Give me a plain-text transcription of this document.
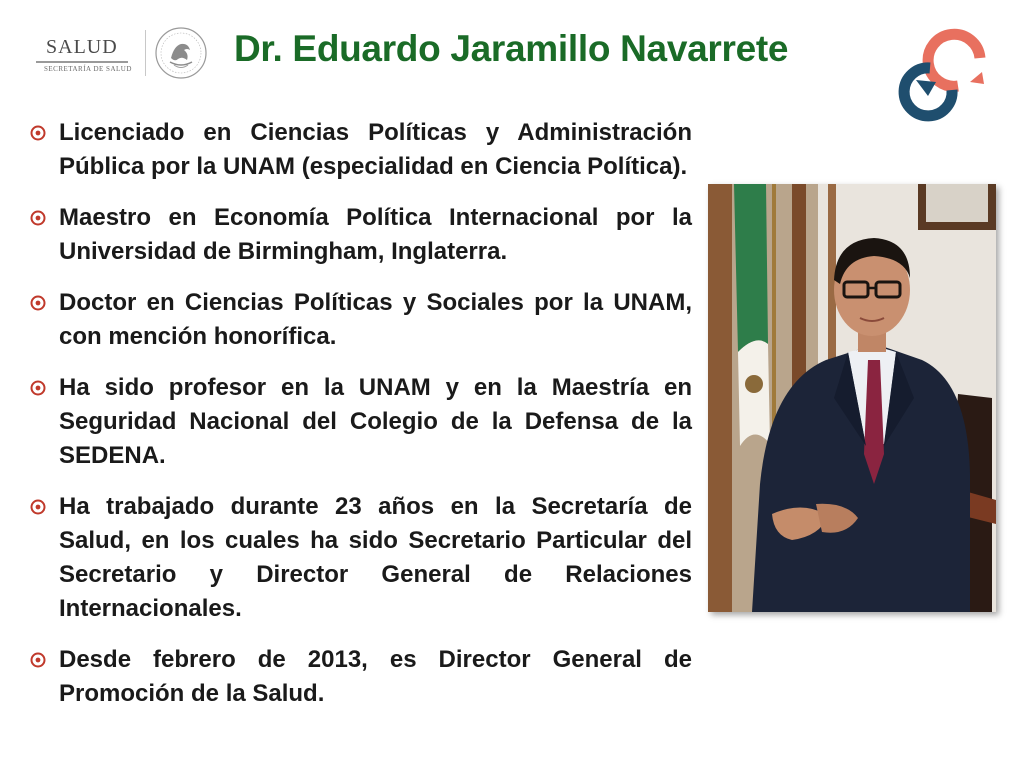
SALUD
SECRETARÍA DE SALUD	Dr. Eduardo Jaramillo Navarrete
Licenciado en Ciencias Políticas y Administración Pública por la UNAM (especialidad en Ciencia Política).
Maestro en Economía Política Internacional por la Universidad de Birmingham, Inglaterra.
Doctor en Ciencias Políticas y Sociales por la UNAM, con mención honorífica.
Ha sido profesor en la UNAM y en la Maestría en Seguridad Nacional del Colegio de la Defensa de la SEDENA.
Ha trabajado durante 23 años en la Secretaría de Salud, en los cuales ha sido Secretario Particular del Secretario y Director General de Relaciones Internacionales.
Desde febrero de 2013, es Director General de Promoción de la Salud.
